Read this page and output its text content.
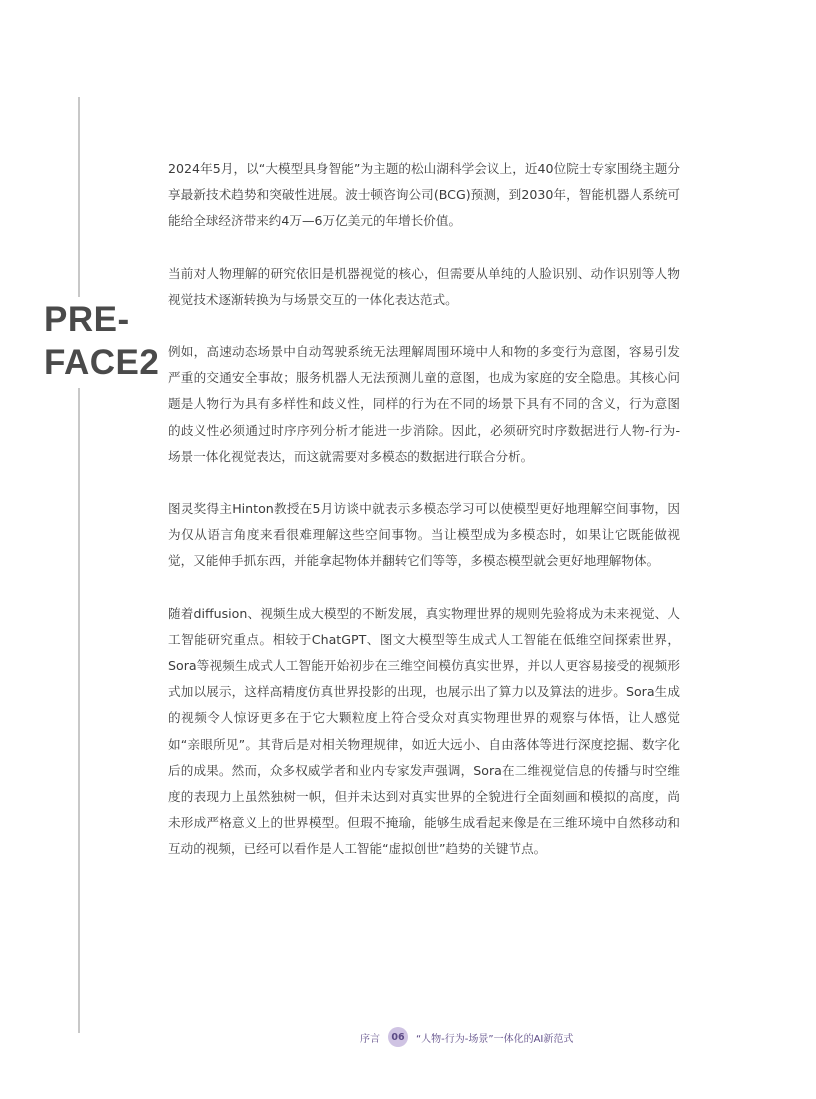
PRE-
FACE2

2024年5月，以“大模型具身智能”为主题的松山湖科学会议上，近40位院士专家围绕主题分享最新技术趋势和突破性进展。波士顿咨询公司(BCG)预测，到2030年，智能机器人系统可能给全球经济带来约4万—6万亿美元的年增长价值。

当前对人物理解的研究依旧是机器视觉的核心，但需要从单纯的人脸识别、动作识别等人物视觉技术逐渐转换为与场景交互的一体化表达范式。

例如，高速动态场景中自动驾驶系统无法理解周围环境中人和物的多变行为意图，容易引发严重的交通安全事故；服务机器人无法预测儿童的意图，也成为家庭的安全隐患。其核心问题是人物行为具有多样性和歧义性，同样的行为在不同的场景下具有不同的含义，行为意图的歧义性必须通过时序序列分析才能进一步消除。因此，必须研究时序数据进行人物-行为-场景一体化视觉表达，而这就需要对多模态的数据进行联合分析。

图灵奖得主Hinton教授在5月访谈中就表示多模态学习可以使模型更好地理解空间事物，因为仅从语言角度来看很难理解这些空间事物。当让模型成为多模态时，如果让它既能做视觉，又能伸手抓东西，并能拿起物体并翻转它们等等，多模态模型就会更好地理解物体。

随着diffusion、视频生成大模型的不断发展，真实物理世界的规则先验将成为未来视觉、人工智能研究重点。相较于ChatGPT、图文大模型等生成式人工智能在低维空间探索世界，Sora等视频生成式人工智能开始初步在三维空间模仿真实世界，并以人更容易接受的视频形式加以展示，这样高精度仿真世界投影的出现，也展示出了算力以及算法的进步。Sora生成的视频令人惊讶更多在于它大颗粒度上符合受众对真实物理世界的观察与体悟，让人感觉如“亲眼所见”。其背后是对相关物理规律，如近大远小、自由落体等进行深度挖掘、数字化后的成果。然而，众多权威学者和业内专家发声强调，Sora在二维视觉信息的传播与时空维度的表现力上虽然独树一帜，但并未达到对真实世界的全貌进行全面刻画和模拟的高度，尚未形成严格意义上的世界模型。但瑕不掩瑜，能够生成看起来像是在三维环境中自然移动和互动的视频，已经可以看作是人工智能“虚拟创世”趋势的关键节点。

序言	06	“人物-行为-场景”一体化的AI新范式
